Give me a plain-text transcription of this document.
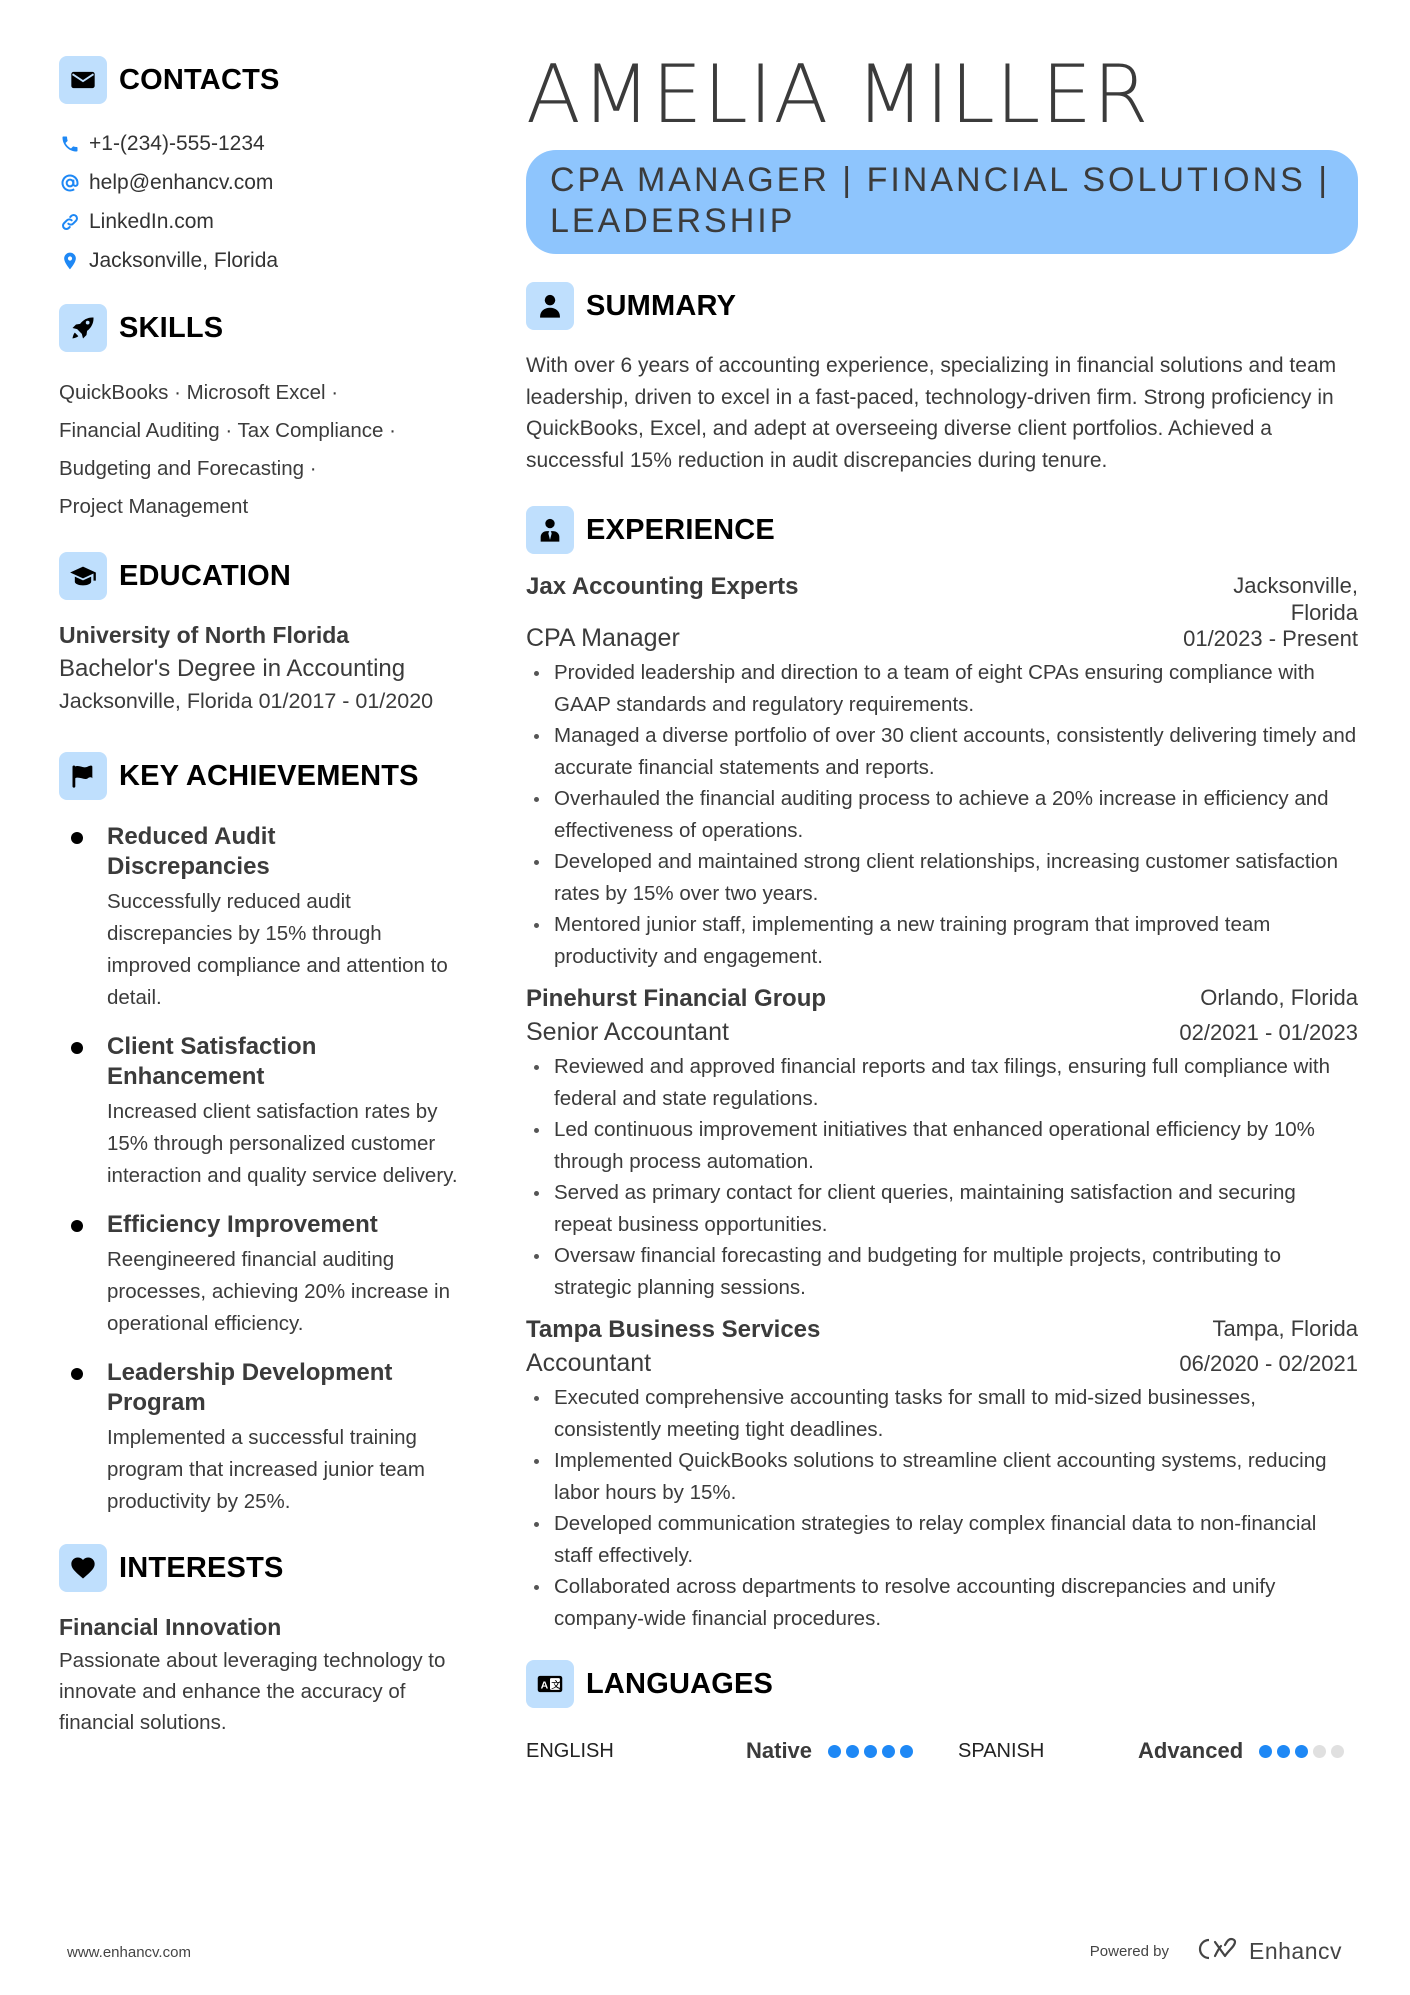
CONTACTS
+1-(234)-555-1234
help@enhancv.com
LinkedIn.com
Jacksonville, Florida
SKILLS
QuickBooks · Microsoft Excel ·
Financial Auditing · Tax Compliance ·
Budgeting and Forecasting ·
Project Management
EDUCATION
University of North Florida
Bachelor's Degree in Accounting
Jacksonville, Florida 01/2017 - 01/2020
KEY ACHIEVEMENTS
Reduced Audit Discrepancies
Successfully reduced audit discrepancies by 15% through improved compliance and attention to detail.
Client Satisfaction Enhancement
Increased client satisfaction rates by 15% through personalized customer interaction and quality service delivery.
Efficiency Improvement
Reengineered financial auditing processes, achieving 20% increase in operational efficiency.
Leadership Development Program
Implemented a successful training program that increased junior team productivity by 25%.
INTERESTS
Financial Innovation
Passionate about leveraging technology to innovate and enhance the accuracy of financial solutions.
AMELIA MILLER
CPA MANAGER | FINANCIAL SOLUTIONS | LEADERSHIP
SUMMARY

With over 6 years of accounting experience, specializing in financial solutions and team leadership, driven to excel in a fast-paced, technology-driven firm. Strong proficiency in QuickBooks, Excel, and adept at overseeing diverse client portfolios. Achieved a successful 15% reduction in audit discrepancies during tenure.

EXPERIENCE
Jax Accounting Experts	Jacksonville,
Florida
CPA Manager	01/2023 - Present
Provided leadership and direction to a team of eight CPAs ensuring compliance with GAAP standards and regulatory requirements.
Managed a diverse portfolio of over 30 client accounts, consistently delivering timely and accurate financial statements and reports.
Overhauled the financial auditing process to achieve a 20% increase in efficiency and effectiveness of operations.
Developed and maintained strong client relationships, increasing customer satisfaction rates by 15% over two years.
Mentored junior staff, implementing a new training program that improved team productivity and engagement.
Pinehurst Financial Group	Orlando, Florida
Senior Accountant	02/2021 - 01/2023
Reviewed and approved financial reports and tax filings, ensuring full compliance with federal and state regulations.
Led continuous improvement initiatives that enhanced operational efficiency by 10% through process automation.
Served as primary contact for client queries, maintaining satisfaction and securing repeat business opportunities.
Oversaw financial forecasting and budgeting for multiple projects, contributing to strategic planning sessions.
Tampa Business Services	Tampa, Florida
Accountant	06/2020 - 02/2021
Executed comprehensive accounting tasks for small to mid-sized businesses, consistently meeting tight deadlines.
Implemented QuickBooks solutions to streamline client accounting systems, reducing labor hours by 15%.
Developed communication strategies to relay complex financial data to non-financial staff effectively.
Collaborated across departments to resolve accounting discrepancies and unify company-wide financial procedures.
A 文 LANGUAGES
ENGLISH	Native	SPANISH	Advanced
www.enhancv.com	Powered by	Enhancv
